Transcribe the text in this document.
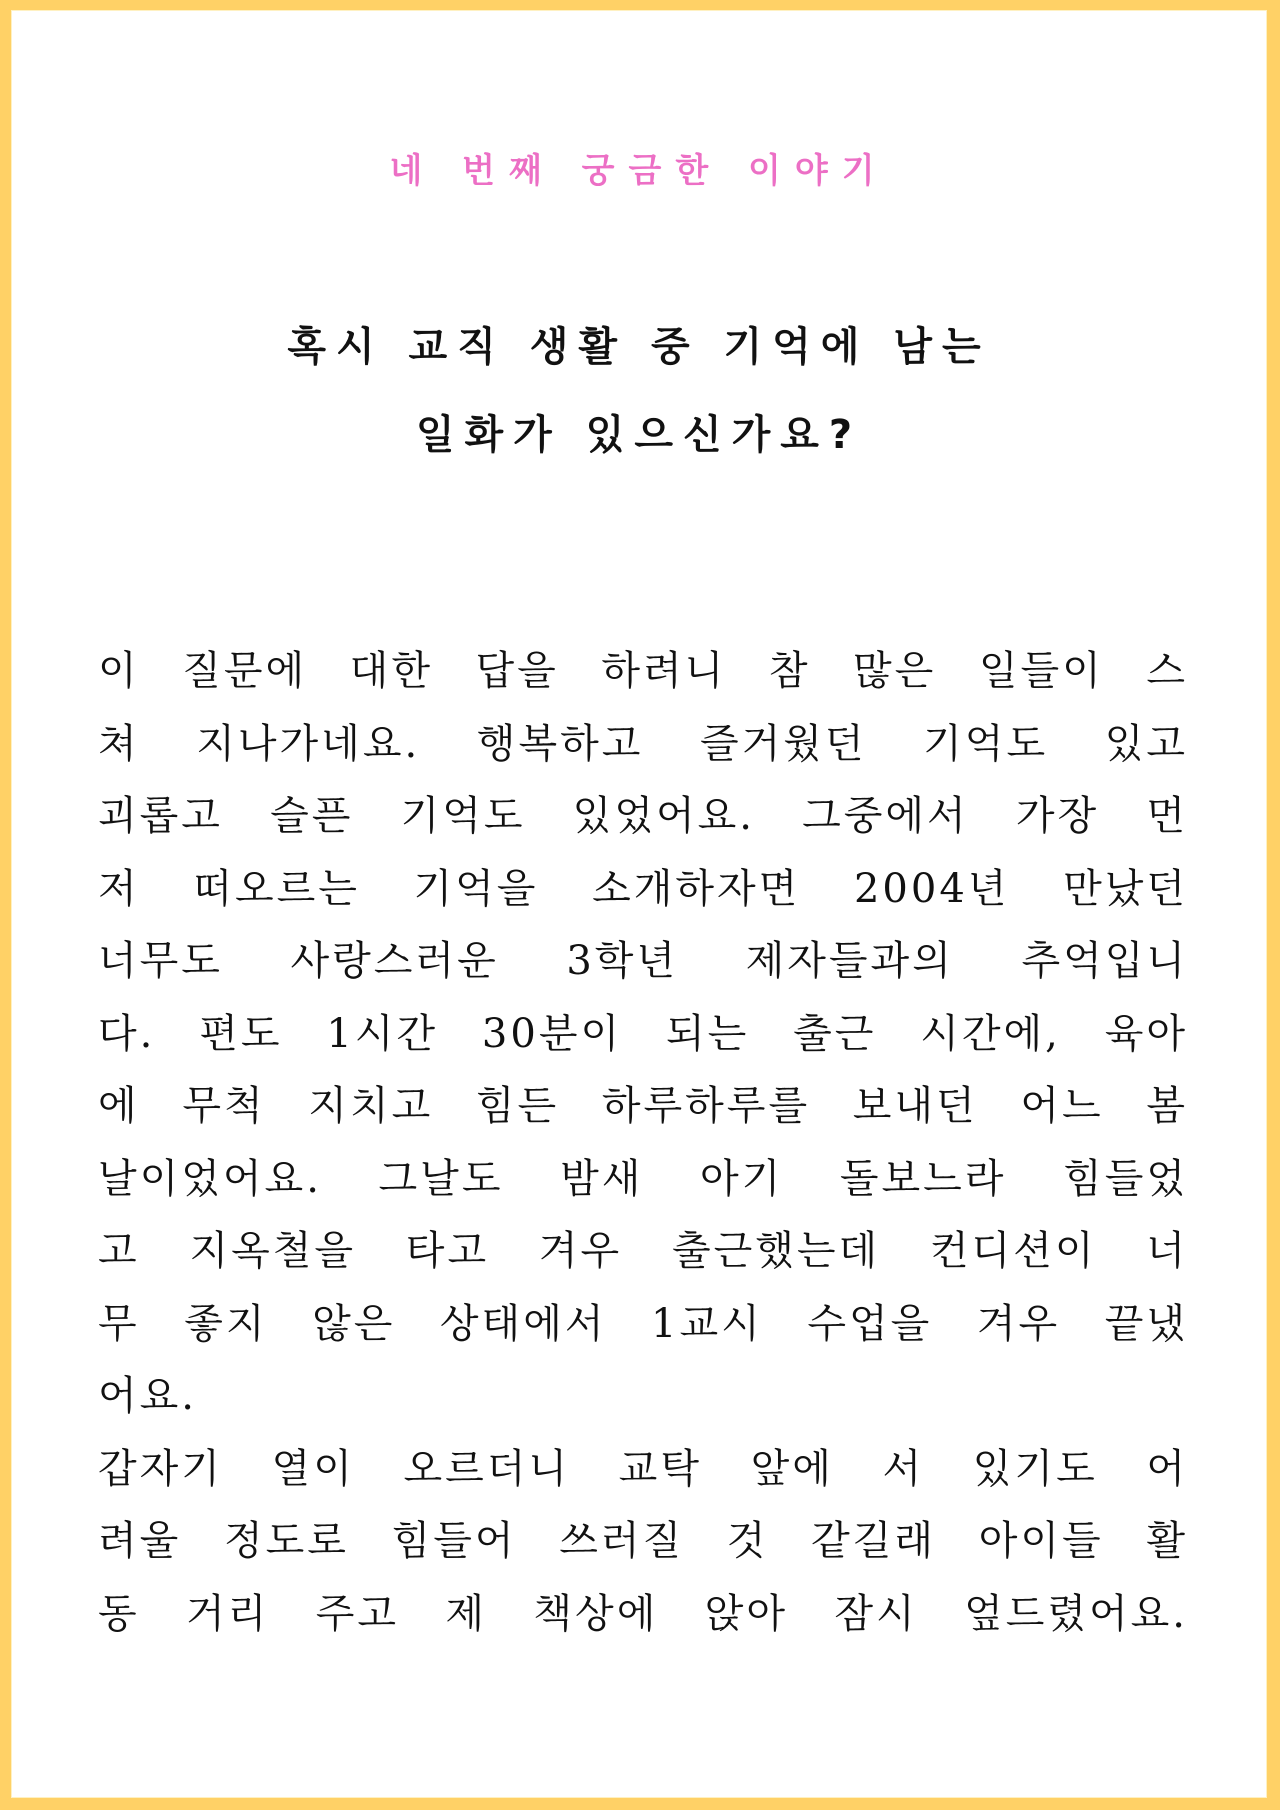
네 번째 궁금한 이야기
혹시 교직 생활 중 기억에 남는
일화가 있으신가요?
이 질문에 대한 답을 하려니 참 많은 일들이 스
쳐 지나가네요. 행복하고 즐거웠던 기억도 있고
괴롭고 슬픈 기억도 있었어요. 그중에서 가장 먼
저 떠오르는 기억을 소개하자면 2004년 만났던
너무도 사랑스러운 3학년 제자들과의 추억입니
다. 편도 1시간 30분이 되는 출근 시간에, 육아
에 무척 지치고 힘든 하루하루를 보내던 어느 봄
날이었어요. 그날도 밤새 아기 돌보느라 힘들었
고 지옥철을 타고 겨우 출근했는데 컨디션이 너
무 좋지 않은 상태에서 1교시 수업을 겨우 끝냈
어요.
갑자기 열이 오르더니 교탁 앞에 서 있기도 어
려울 정도로 힘들어 쓰러질 것 같길래 아이들 활
동 거리 주고 제 책상에 앉아 잠시 엎드렸어요.
